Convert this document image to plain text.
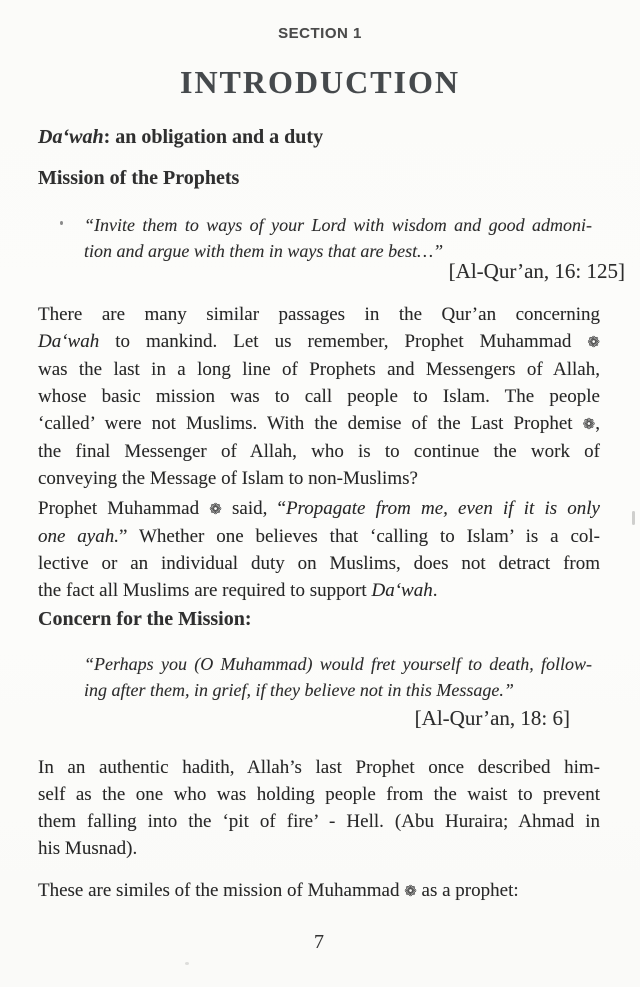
SECTION 1
INTRODUCTION
Da‘wah: an obligation and a duty
Mission of the Prophets
“Invite them to ways of your Lord with wisdom and good admoni-
tion and argue with them in ways that are best…”
[Al-Qur’an, 16: 125]
There are many similar passages in the Qur’an concerning
Da‘wah to mankind. Let us remember, Prophet Muhammad ❁
was the last in a long line of Prophets and Messengers of Allah,
whose basic mission was to call people to Islam. The people
‘called’ were not Muslims. With the demise of the Last Prophet ❁,
the final Messenger of Allah, who is to continue the work of
conveying the Message of Islam to non-Muslims?
Prophet Muhammad ❁ said, “Propagate from me, even if it is only
one ayah.” Whether one believes that ‘calling to Islam’ is a col-
lective or an individual duty on Muslims, does not detract from
the fact all Muslims are required to support Da‘wah.
Concern for the Mission:
“Perhaps you (O Muhammad) would fret yourself to death, follow-
ing after them, in grief, if they believe not in this Message.”
[Al-Qur’an, 18: 6]
In an authentic hadith, Allah’s last Prophet once described him-
self as the one who was holding people from the waist to prevent
them falling into the ‘pit of fire’ - Hell. (Abu Huraira; Ahmad in
his Musnad).
These are similes of the mission of Muhammad ❁ as a prophet:
7
